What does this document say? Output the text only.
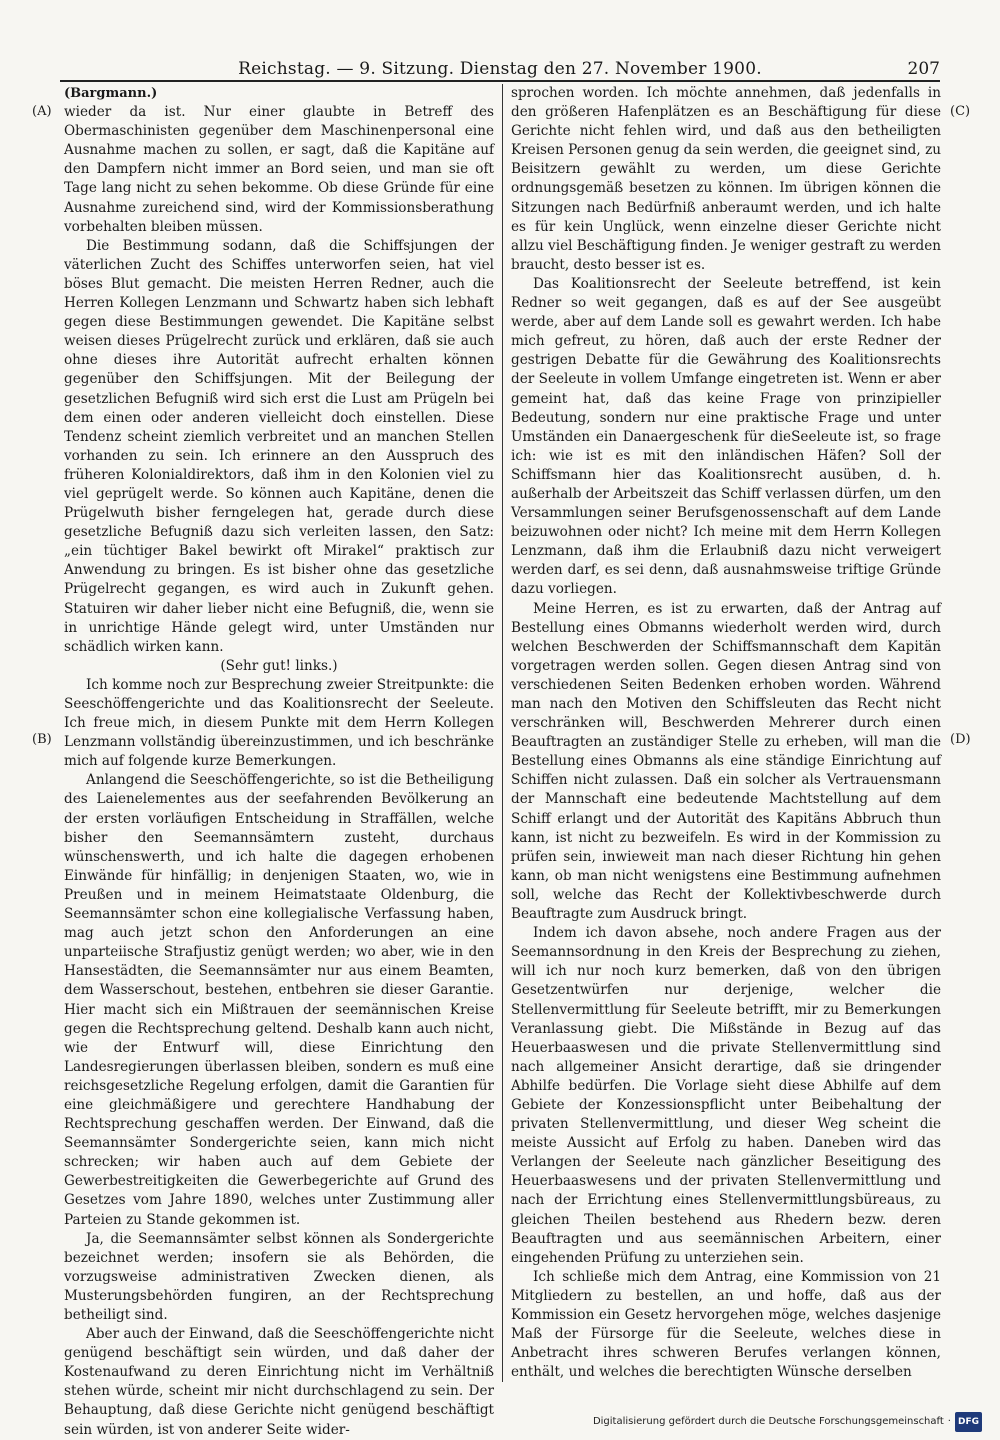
Reichstag. — 9. Sitzung. Dienstag den 27. November 1900.	207
(A)
(B)
(C)
(D)

(Bargmann.)

wieder da ist. Nur einer glaubte in Betreff des Obermaschinisten gegenüber dem Maschinenpersonal eine Ausnahme machen zu sollen, er sagt, daß die Kapitäne auf den Dampfern nicht immer an Bord seien, und man sie oft Tage lang nicht zu sehen bekomme. Ob diese Gründe für eine Ausnahme zureichend sind, wird der Kommissionsberathung vorbehalten bleiben müssen.

Die Bestimmung sodann, daß die Schiffsjungen der väterlichen Zucht des Schiffes unterworfen seien, hat viel böses Blut gemacht. Die meisten Herren Redner, auch die Herren Kollegen Lenzmann und Schwartz haben sich lebhaft gegen diese Bestimmungen gewendet. Die Kapitäne selbst weisen dieses Prügelrecht zurück und erklären, daß sie auch ohne dieses ihre Autorität aufrecht erhalten können gegenüber den Schiffsjungen. Mit der Beilegung der gesetzlichen Befugniß wird sich erst die Lust am Prügeln bei dem einen oder anderen vielleicht doch einstellen. Diese Tendenz scheint ziemlich verbreitet und an manchen Stellen vorhanden zu sein. Ich erinnere an den Ausspruch des früheren Kolonialdirektors, daß ihm in den Kolonien viel zu viel geprügelt werde. So können auch Kapitäne, denen die Prügelwuth bisher ferngelegen hat, gerade durch diese gesetzliche Befugniß dazu sich verleiten lassen, den Satz: „ein tüchtiger Bakel bewirkt oft Mirakel“ praktisch zur Anwendung zu bringen. Es ist bisher ohne das gesetzliche Prügelrecht gegangen, es wird auch in Zukunft gehen. Statuiren wir daher lieber nicht eine Befugniß, die, wenn sie in unrichtige Hände gelegt wird, unter Umständen nur schädlich wirken kann.

(Sehr gut! links.)

Ich komme noch zur Besprechung zweier Streitpunkte: die Seeschöffengerichte und das Koalitionsrecht der Seeleute. Ich freue mich, in diesem Punkte mit dem Herrn Kollegen Lenzmann vollständig übereinzustimmen, und ich beschränke mich auf folgende kurze Bemerkungen.

Anlangend die Seeschöffengerichte, so ist die Betheiligung des Laienelementes aus der seefahrenden Bevölkerung an der ersten vorläufigen Entscheidung in Straffällen, welche bisher den Seemannsämtern zusteht, durchaus wünschenswerth, und ich halte die dagegen erhobenen Einwände für hinfällig; in denjenigen Staaten, wo, wie in Preußen und in meinem Heimatstaate Oldenburg, die Seemannsämter schon eine kollegialische Verfassung haben, mag auch jetzt schon den Anforderungen an eine unparteiische Strafjustiz genügt werden; wo aber, wie in den Hansestädten, die Seemannsämter nur aus einem Beamten, dem Wasserschout, bestehen, entbehren sie dieser Garantie. Hier macht sich ein Mißtrauen der seemännischen Kreise gegen die Rechtsprechung geltend. Deshalb kann auch nicht, wie der Entwurf will, diese Einrichtung den Landesregierungen überlassen bleiben, sondern es muß eine reichsgesetzliche Regelung erfolgen, damit die Garantien für eine gleichmäßigere und gerechtere Handhabung der Rechtsprechung geschaffen werden. Der Einwand, daß die Seemannsämter Sondergerichte seien, kann mich nicht schrecken; wir haben auch auf dem Gebiete der Gewerbestreitigkeiten die Gewerbegerichte auf Grund des Gesetzes vom Jahre 1890, welches unter Zustimmung aller Parteien zu Stande gekommen ist.

Ja, die Seemannsämter selbst können als Sondergerichte bezeichnet werden; insofern sie als Behörden, die vorzugsweise administrativen Zwecken dienen, als Musterungsbehörden fungiren, an der Rechtsprechung betheiligt sind.

Aber auch der Einwand, daß die Seeschöffengerichte nicht genügend beschäftigt sein würden, und daß daher der Kostenaufwand zu deren Einrichtung nicht im Verhältniß stehen würde, scheint mir nicht durchschlagend zu sein. Der Behauptung, daß diese Gerichte nicht genügend beschäftigt sein würden, ist von anderer Seite wider-

sprochen worden. Ich möchte annehmen, daß jedenfalls in den größeren Hafenplätzen es an Beschäftigung für diese Gerichte nicht fehlen wird, und daß aus den betheiligten Kreisen Personen genug da sein werden, die geeignet sind, zu Beisitzern gewählt zu werden, um diese Gerichte ordnungsgemäß besetzen zu können. Im übrigen können die Sitzungen nach Bedürfniß anberaumt werden, und ich halte es für kein Unglück, wenn einzelne dieser Gerichte nicht allzu viel Beschäftigung finden. Je weniger gestraft zu werden braucht, desto besser ist es.

Das Koalitionsrecht der Seeleute betreffend, ist kein Redner so weit gegangen, daß es auf der See ausgeübt werde, aber auf dem Lande soll es gewahrt werden. Ich habe mich gefreut, zu hören, daß auch der erste Redner der gestrigen Debatte für die Gewährung des Koalitionsrechts der Seeleute in vollem Umfange eingetreten ist. Wenn er aber gemeint hat, daß das keine Frage von prinzipieller Bedeutung, sondern nur eine praktische Frage und unter Umständen ein Danaergeschenk für dieSeeleute ist, so frage ich: wie ist es mit den inländischen Häfen? Soll der Schiffsmann hier das Koalitionsrecht ausüben, d. h. außerhalb der Arbeitszeit das Schiff verlassen dürfen, um den Versammlungen seiner Berufsgenossenschaft auf dem Lande beizuwohnen oder nicht? Ich meine mit dem Herrn Kollegen Lenzmann, daß ihm die Erlaubniß dazu nicht verweigert werden darf, es sei denn, daß ausnahmsweise triftige Gründe dazu vorliegen.

Meine Herren, es ist zu erwarten, daß der Antrag auf Bestellung eines Obmanns wiederholt werden wird, durch welchen Beschwerden der Schiffsmannschaft dem Kapitän vorgetragen werden sollen. Gegen diesen Antrag sind von verschiedenen Seiten Bedenken erhoben worden. Während man nach den Motiven den Schiffsleuten das Recht nicht verschränken will, Beschwerden Mehrerer durch einen Beauftragten an zuständiger Stelle zu erheben, will man die Bestellung eines Obmanns als eine ständige Einrichtung auf Schiffen nicht zulassen. Daß ein solcher als Vertrauensmann der Mannschaft eine bedeutende Machtstellung auf dem Schiff erlangt und der Autorität des Kapitäns Abbruch thun kann, ist nicht zu bezweifeln. Es wird in der Kommission zu prüfen sein, inwieweit man nach dieser Richtung hin gehen kann, ob man nicht wenigstens eine Bestimmung aufnehmen soll, welche das Recht der Kollektivbeschwerde durch Beauftragte zum Ausdruck bringt.

Indem ich davon absehe, noch andere Fragen aus der Seemannsordnung in den Kreis der Besprechung zu ziehen, will ich nur noch kurz bemerken, daß von den übrigen Gesetzentwürfen nur derjenige, welcher die Stellenvermittlung für Seeleute betrifft, mir zu Bemerkungen Veranlassung giebt. Die Mißstände in Bezug auf das Heuerbaaswesen und die private Stellenvermittlung sind nach allgemeiner Ansicht derartige, daß sie dringender Abhilfe bedürfen. Die Vorlage sieht diese Abhilfe auf dem Gebiete der Konzessionspflicht unter Beibehaltung der privaten Stellenvermittlung, und dieser Weg scheint die meiste Aussicht auf Erfolg zu haben. Daneben wird das Verlangen der Seeleute nach gänzlicher Beseitigung des Heuerbaaswesens und der privaten Stellenvermittlung und nach der Errichtung eines Stellenvermittlungsbüreaus, zu gleichen Theilen bestehend aus Rhedern bezw. deren Beauftragten und aus seemännischen Arbeitern, einer eingehenden Prüfung zu unterziehen sein.

Ich schließe mich dem Antrag, eine Kommission von 21 Mitgliedern zu bestellen, an und hoffe, daß aus der Kommission ein Gesetz hervorgehen möge, welches dasjenige Maß der Fürsorge für die Seeleute, welches diese in Anbetracht ihres schweren Berufes verlangen können, enthält, und welches die berechtigten Wünsche derselben

Digitalisierung gefördert durch die Deutsche Forschungsgemeinschaft · DFG
